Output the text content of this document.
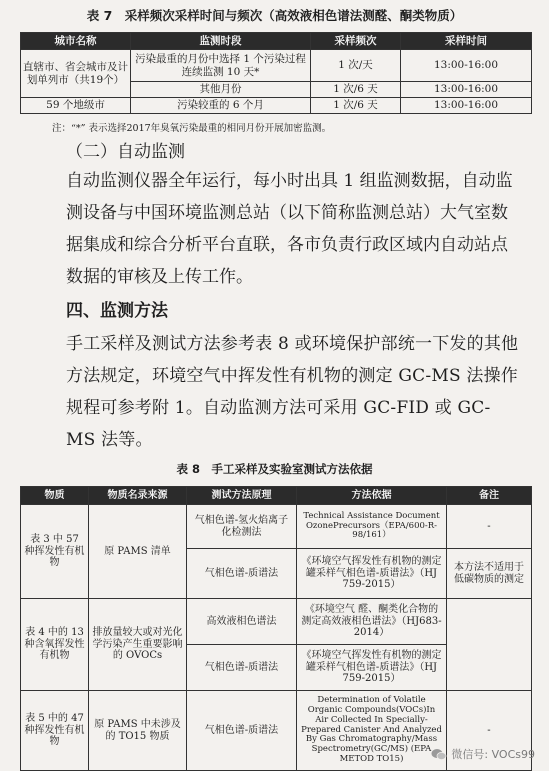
表 7　采样频次采样时间与频次（高效液相色谱法测醛、酮类物质）
城市名称	监测时段	采样频次	采样时间
直辖市、省会城市及计划单列市（共19个）	污染最重的月份中选择 1 个污染过程连续监测 10 天*	1 次/天	13:00-16:00
	其他月份	1 次/6 天	13:00-16:00
59 个地级市	污染较重的 6 个月	1 次/6 天	13:00-16:00
注：“*” 表示选择2017年臭氧污染最重的相同月份开展加密监测。
（二）自动监测
自动监测仪器全年运行，每小时出具 1 组监测数据，自动监测设备与中国环境监测总站（以下简称监测总站）大气室数据集成和综合分析平台直联，各市负责行政区域内自动站点数据的审核及上传工作。
四、监测方法
手工采样及测试方法参考表 8 或环境保护部统一下发的其他方法规定，环境空气中挥发性有机物的测定 GC-MS 法操作规程可参考附 1。自动监测方法可采用 GC-FID 或 GC-MS 法等。
表 8　手工采样及实验室测试方法依据
物质	物质名录来源	测试方法原理	方法依据	备注
表 3 中 57 种挥发性有机物	原 PAMS 清单	气相色谱-氢火焰离子化检测法	Technical Assistance Document OzonePrecursors（EPA/600-R-98/161）	-
		气相色谱-质谱法	《环境空气挥发性有机物的测定罐采样气相色谱-质谱法》（HJ 759-2015）	本方法不适用于低碳物质的测定
表 4 中的 13 种含氧挥发性有机物	排放量较大或对光化学污染产生重要影响的 OVOCs	高效液相色谱法	《环境空气 醛、酮类化合物的测定高效液相色谱法》（HJ683-2014）	
		气相色谱-质谱法	《环境空气挥发性有机物的测定罐采样气相色谱-质谱法》（HJ 759-2015）	
表 5 中的 47 种挥发性有机物	原 PAMS 中未涉及的 TO15 物质	气相色谱-质谱法	Determination of Volatile Organic Compounds(VOCs)In Air Collected In Specially-Prepared Canister And Analyzed By Gas Chromatography/Mass Spectrometry(GC/MS) (EPA METOD TO15)	-
微信号: VOCs99
